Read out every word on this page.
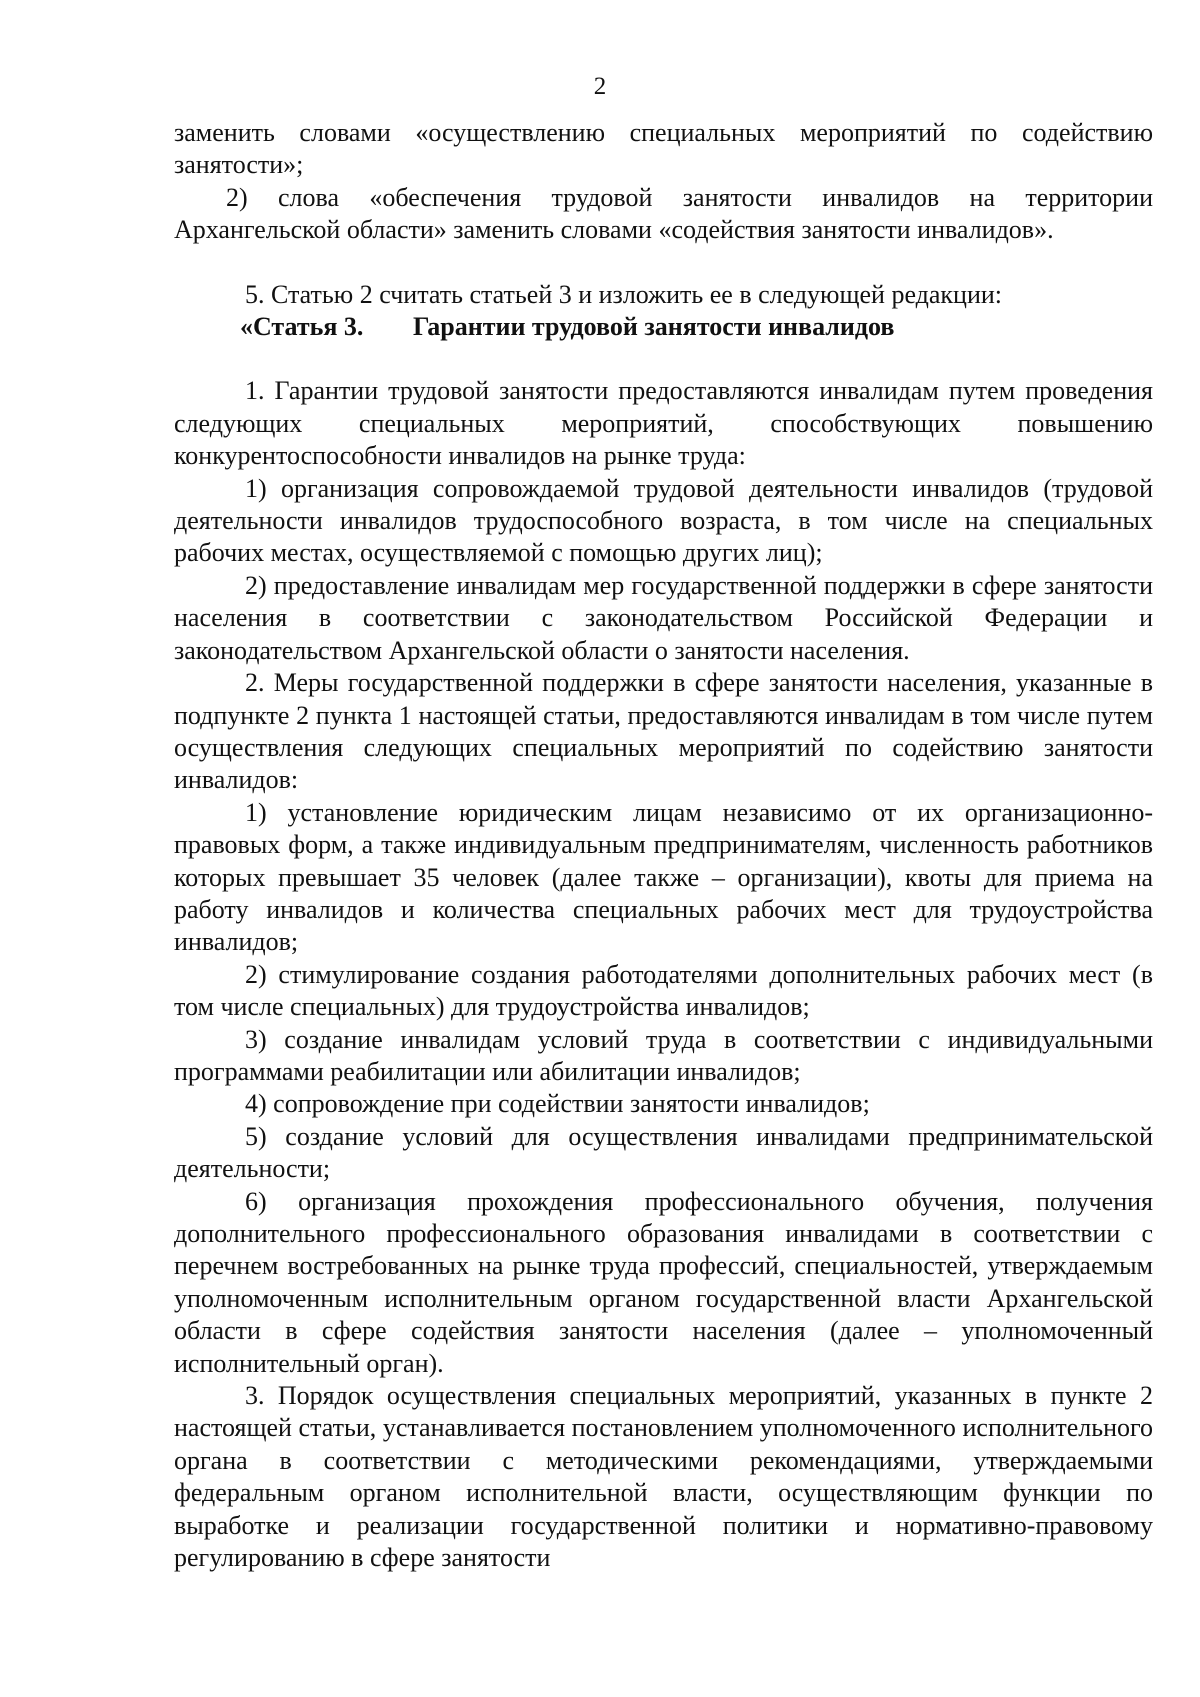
2

заменить словами «осуществлению специальных мероприятий по содействию занятости»;

2) слова «обеспечения трудовой занятости инвалидов на территории Архангельской области» заменить словами «содействия занятости инвалидов».

5. Статью 2 считать статьей 3 и изложить ее в следующей редакции:

«Статья 3. Гарантии трудовой занятости инвалидов

1. Гарантии трудовой занятости предоставляются инвалидам путем проведения следующих специальных мероприятий, способствующих повышению конкурентоспособности инвалидов на рынке труда:

1) организация сопровождаемой трудовой деятельности инвалидов (трудовой деятельности инвалидов трудоспособного возраста, в том числе на специальных рабочих местах, осуществляемой с помощью других лиц);

2) предоставление инвалидам мер государственной поддержки в сфере занятости населения в соответствии с законодательством Российской Федерации и законодательством Архангельской области о занятости населения.

2. Меры государственной поддержки в сфере занятости населения, указанные в подпункте 2 пункта 1 настоящей статьи, предоставляются инвалидам в том числе путем осуществления следующих специальных мероприятий по содействию занятости инвалидов:

1) установление юридическим лицам независимо от их организационно-правовых форм, а также индивидуальным предпринимателям, численность работников которых превышает 35 человек (далее также – организации), квоты для приема на работу инвалидов и количества специальных рабочих мест для трудоустройства инвалидов;

2) стимулирование создания работодателями дополнительных рабочих мест (в том числе специальных) для трудоустройства инвалидов;

3) создание инвалидам условий труда в соответствии с индивидуальными программами реабилитации или абилитации инвалидов;

4) сопровождение при содействии занятости инвалидов;

5) создание условий для осуществления инвалидами предпринимательской деятельности;

6) организация прохождения профессионального обучения, получения дополнительного профессионального образования инвалидами в соответствии с перечнем востребованных на рынке труда профессий, специальностей, утверждаемым уполномоченным исполнительным органом государственной власти Архангельской области в сфере содействия занятости населения (далее – уполномоченный исполнительный орган).

3. Порядок осуществления специальных мероприятий, указанных в пункте 2 настоящей статьи, устанавливается постановлением уполномоченного исполнительного органа в соответствии с методическими рекомендациями, утверждаемыми федеральным органом исполнительной власти, осуществляющим функции по выработке и реализации государственной политики и нормативно-правовому регулированию в сфере занятости
